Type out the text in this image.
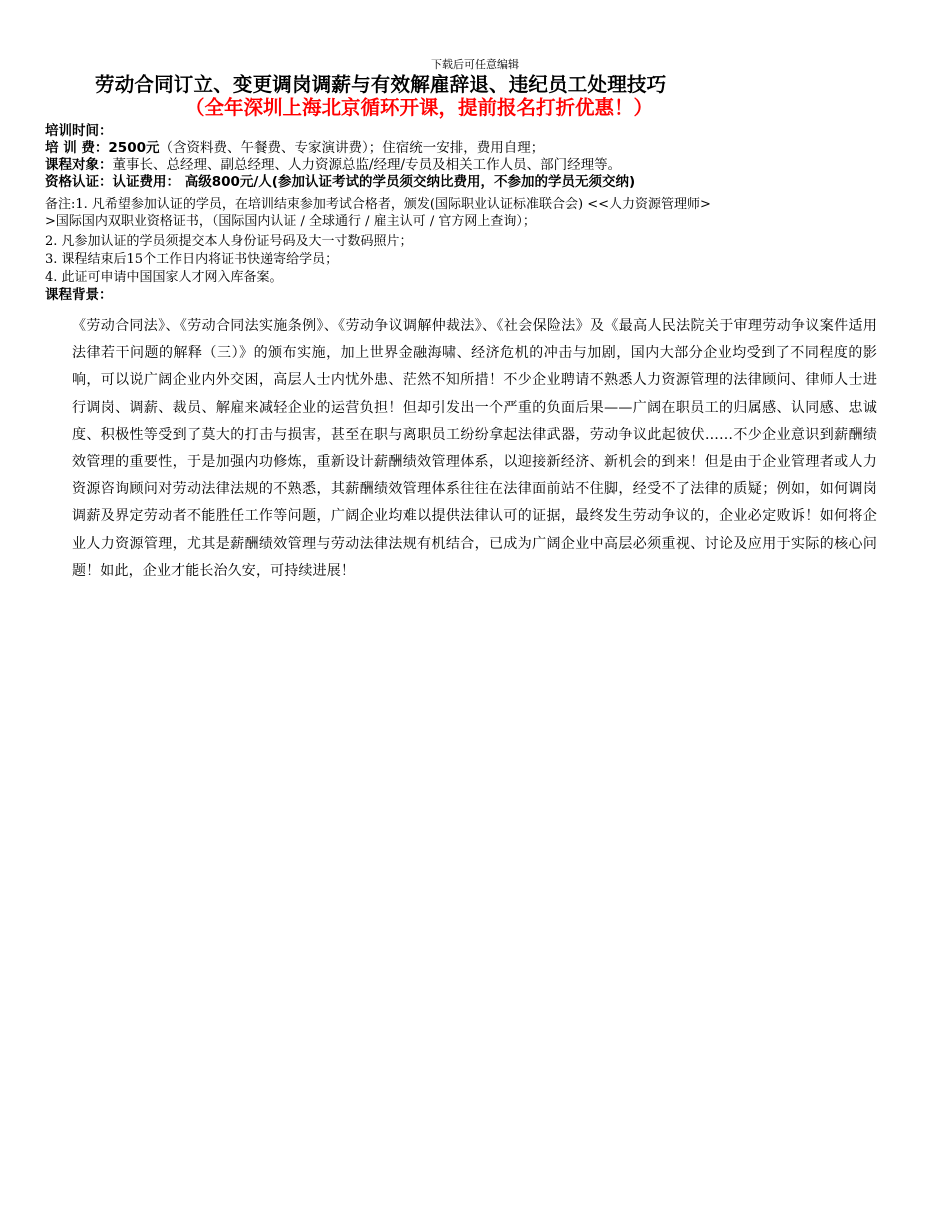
下载后可任意编辑
劳动合同订立、变更调岗调薪与有效解雇辞退、违纪员工处理技巧
（全年深圳上海北京循环开课，提前报名打折优惠！）
培训时间：
培 训 费：2500元（含资料费、午餐费、专家演讲费）；住宿统一安排，费用自理；
课程对象：董事长、总经理、副总经理、人力资源总监/经理/专员及相关工作人员、部门经理等。
资格认证：认证费用： 高级800元/人(参加认证考试的学员须交纳比费用，不参加的学员无须交纳)
备注:1. 凡希望参加认证的学员，在培训结束参加考试合格者，颁发(国际职业认证标准联合会) <<人力资源管理师>
>国际国内双职业资格证书，（国际国内认证 / 全球通行 / 雇主认可 / 官方网上查询）；
2. 凡参加认证的学员须提交本人身份证号码及大一寸数码照片；
3. 课程结束后15个工作日内将证书快递寄给学员；
4. 此证可申请中国国家人才网入库备案。
课程背景：
《劳动合同法》、《劳动合同法实施条例》、《劳动争议调解仲裁法》、《社会保险法》及《最高人民法院关于审理劳动争议案件适用法律若干问题的解释（三）》的颁布实施，加上世界金融海啸、经济危机的冲击与加剧，国内大部分企业均受到了不同程度的影响，可以说广阔企业内外交困，高层人士内忧外患、茫然不知所措！不少企业聘请不熟悉人力资源管理的法律顾问、律师人士进行调岗、调薪、裁员、解雇来减轻企业的运营负担！但却引发出一个严重的负面后果——广阔在职员工的归属感、认同感、忠诚度、积极性等受到了莫大的打击与损害，甚至在职与离职员工纷纷拿起法律武器，劳动争议此起彼伏……不少企业意识到薪酬绩效管理的重要性，于是加强内功修炼，重新设计薪酬绩效管理体系，以迎接新经济、新机会的到来！但是由于企业管理者或人力资源咨询顾问对劳动法律法规的不熟悉，其薪酬绩效管理体系往往在法律面前站不住脚，经受不了法律的质疑；例如，如何调岗调薪及界定劳动者不能胜任工作等问题，广阔企业均难以提供法律认可的证据，最终发生劳动争议的，企业必定败诉！如何将企业人力资源管理，尤其是薪酬绩效管理与劳动法律法规有机结合，已成为广阔企业中高层必须重视、讨论及应用于实际的核心问题！如此，企业才能长治久安，可持续进展！
